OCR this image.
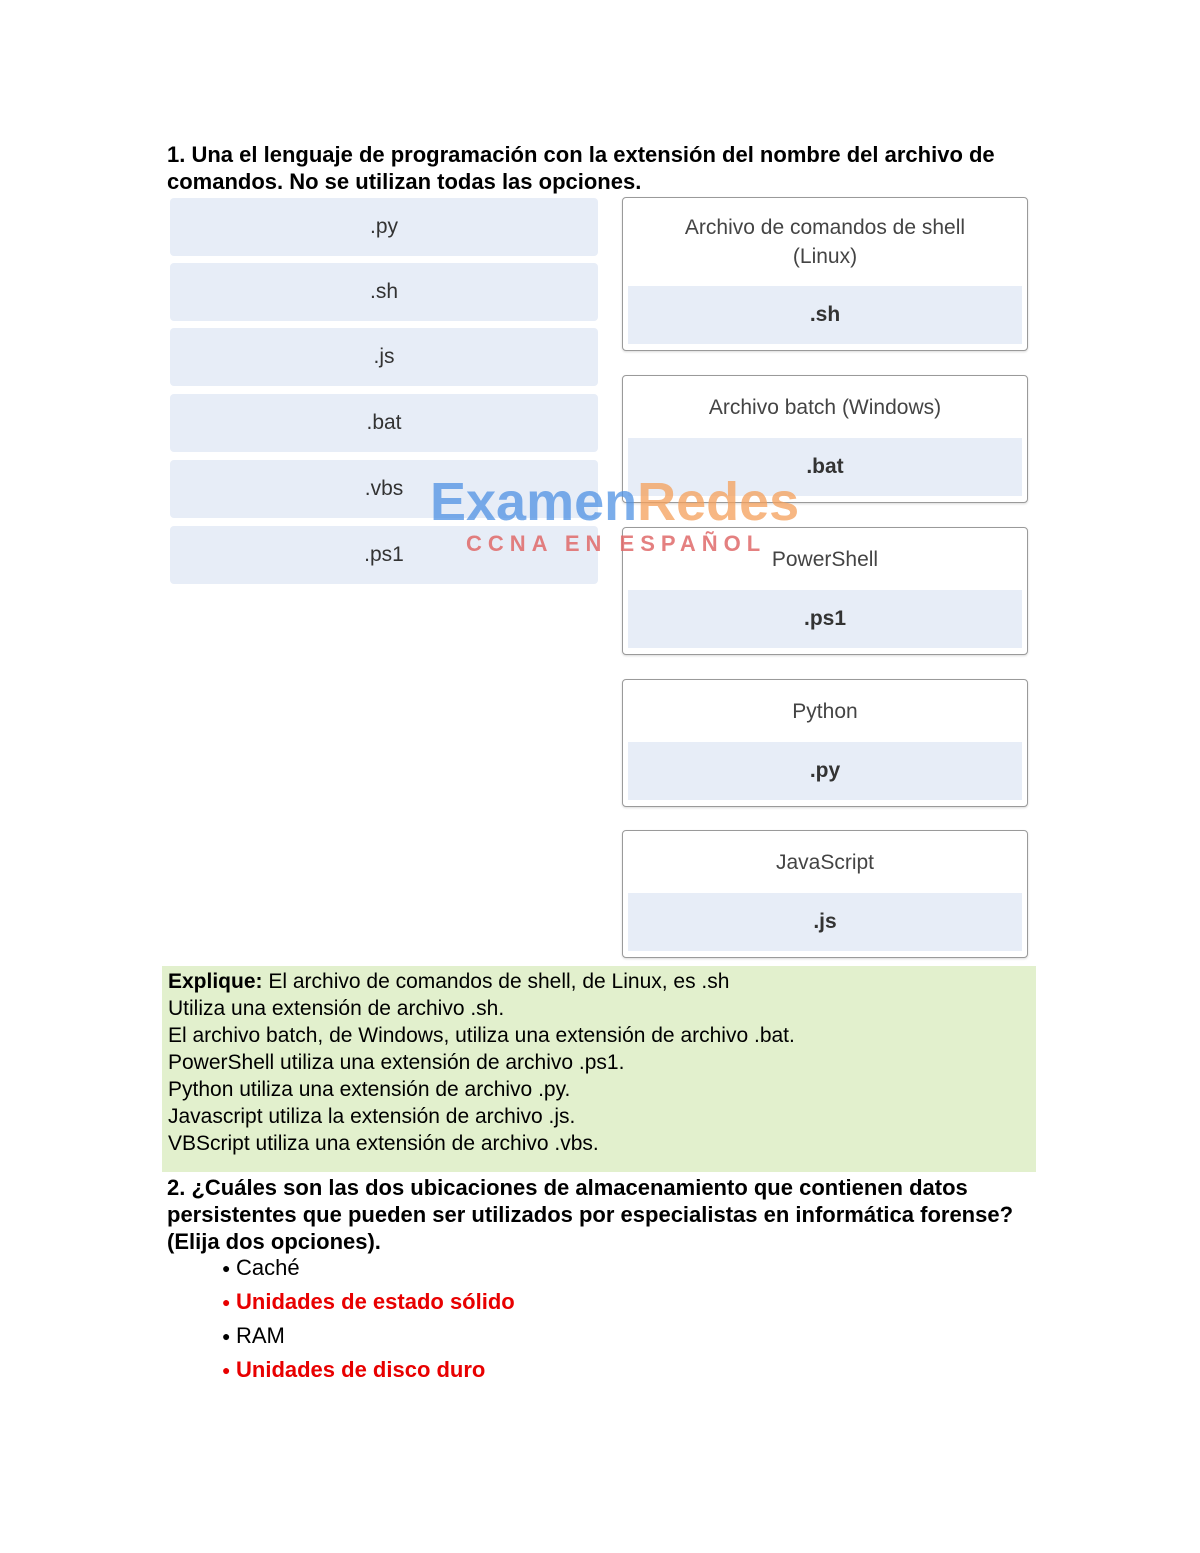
1. Una el lenguaje de programación con la extensión del nombre del archivo de comandos. No se utilizan todas las opciones.

.py
.sh
.js
.bat
.vbs
.ps1
Archivo de comandos de shell (Linux)
.sh
Archivo batch (Windows)
.bat
PowerShell
.ps1
Python
.py
JavaScript
.js
ExamenRedes
CCNA EN ESPAÑOL
Explique: El archivo de comandos de shell, de Linux, es .sh
Utiliza una extensión de archivo .sh.
El archivo batch, de Windows, utiliza una extensión de archivo .bat.
PowerShell utiliza una extensión de archivo .ps1.
Python utiliza una extensión de archivo .py.
Javascript utiliza la extensión de archivo .js.
VBScript utiliza una extensión de archivo .vbs.

2. ¿Cuáles son las dos ubicaciones de almacenamiento que contienen datos persistentes que pueden ser utilizados por especialistas en informática forense? (Elija dos opciones).

● Caché
● Unidades de estado sólido
● RAM
● Unidades de disco duro
